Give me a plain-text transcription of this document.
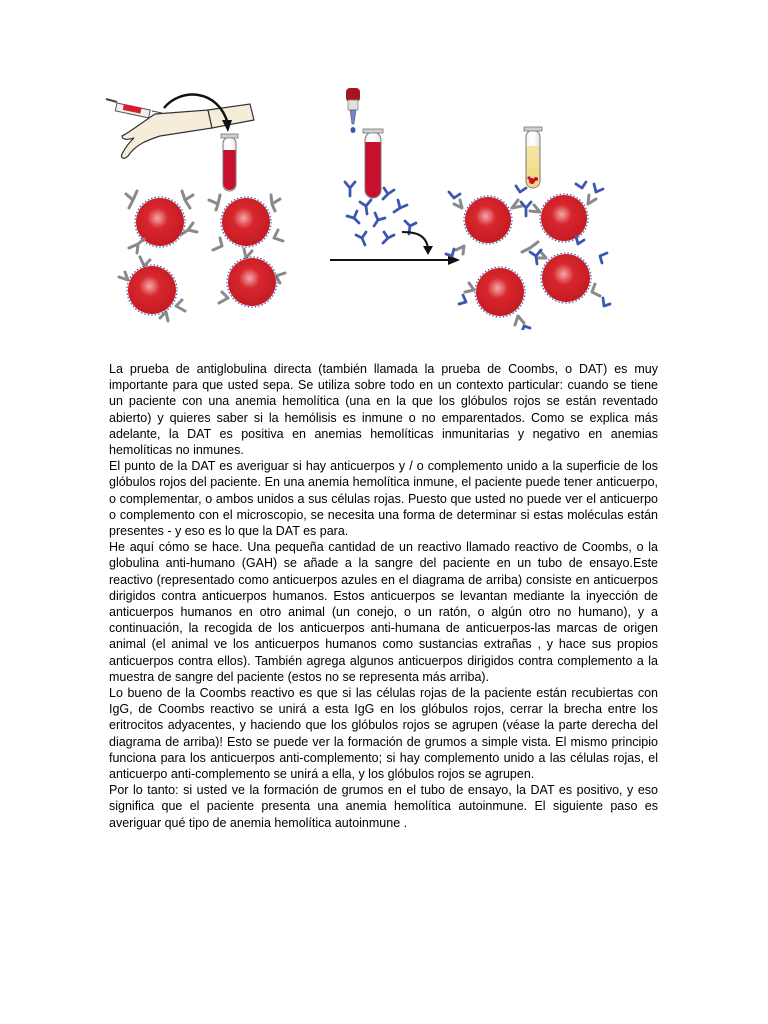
La prueba de antiglobulina directa (también llamada la prueba de Coombs, o DAT) es muy importante para que usted sepa. Se utiliza sobre todo en un contexto particular: cuando se tiene un paciente con una anemia hemolítica (una en la que los glóbulos rojos se están reventado abierto) y quieres saber si la hemólisis es inmune o no emparentados. Como se explica más adelante, la DAT es positiva en anemias hemolíticas inmunitarias y negativo en anemias hemolíticas no inmunes.

El punto de la DAT es averiguar si hay anticuerpos y / o complemento unido a la superficie de los glóbulos rojos del paciente. En una anemia hemolítica inmune, el paciente puede tener anticuerpo, o complementar, o ambos unidos a sus células rojas. Puesto que usted no puede ver el anticuerpo o complemento con el microscopio, se necesita una forma de determinar si estas moléculas están presentes - y eso es lo que la DAT es para.

He aquí cómo se hace. Una pequeña cantidad de un reactivo llamado reactivo de Coombs, o la globulina anti-humano (GAH) se añade a la sangre del paciente en un tubo de ensayo.Este reactivo (representado como anticuerpos azules en el diagrama de arriba) consiste en anticuerpos dirigidos contra anticuerpos humanos. Estos anticuerpos se levantan mediante la inyección de anticuerpos humanos en otro animal (un conejo, o un ratón, o algún otro no humano), y a continuación, la recogida de los anticuerpos anti-humana de anticuerpos-las marcas de origen animal (el animal ve los anticuerpos humanos como sustancias extrañas , y hace sus propios anticuerpos contra ellos). También agrega algunos anticuerpos dirigidos contra complemento a la muestra de sangre del paciente (estos no se representa más arriba).

Lo bueno de la Coombs reactivo es que si las células rojas de la paciente están recubiertas con IgG, de Coombs reactivo se unirá a esta IgG en los glóbulos rojos, cerrar la brecha entre los eritrocitos adyacentes, y haciendo que los glóbulos rojos se agrupen (véase la parte derecha del diagrama de arriba)! Esto se puede ver la formación de grumos a simple vista. El mismo principio funciona para los anticuerpos anti-complemento; si hay complemento unido a las células rojas, el anticuerpo anti-complemento se unirá a ella, y los glóbulos rojos se agrupen.

Por lo tanto: si usted ve la formación de grumos en el tubo de ensayo, la DAT es positivo, y eso significa que el paciente presenta una anemia hemolítica autoinmune. El siguiente paso es averiguar qué tipo de anemia hemolítica autoinmune .
